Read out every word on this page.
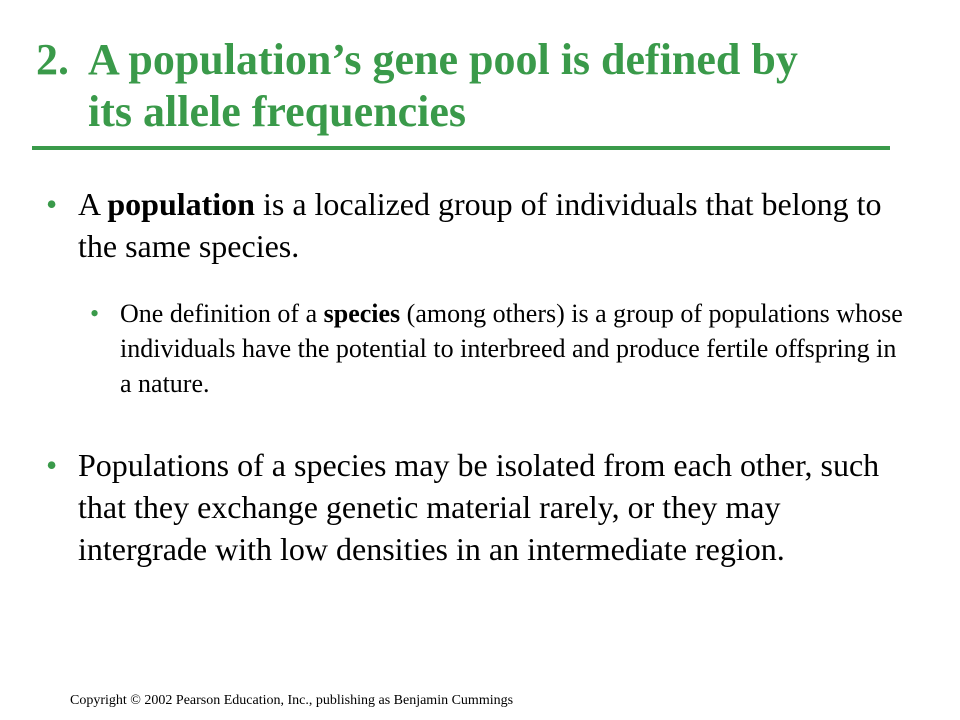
2. A population’s gene pool is defined by
its allele frequencies
• A population is a localized group of individuals that belong to the same species.
• One definition of a species (among others) is a group of populations whose individuals have the potential to interbreed and produce fertile offspring in a nature.
• Populations of a species may be isolated from each other, such that they exchange genetic material rarely, or they may intergrade with low densities in an intermediate region.
Copyright © 2002 Pearson Education, Inc., publishing as Benjamin Cummings
